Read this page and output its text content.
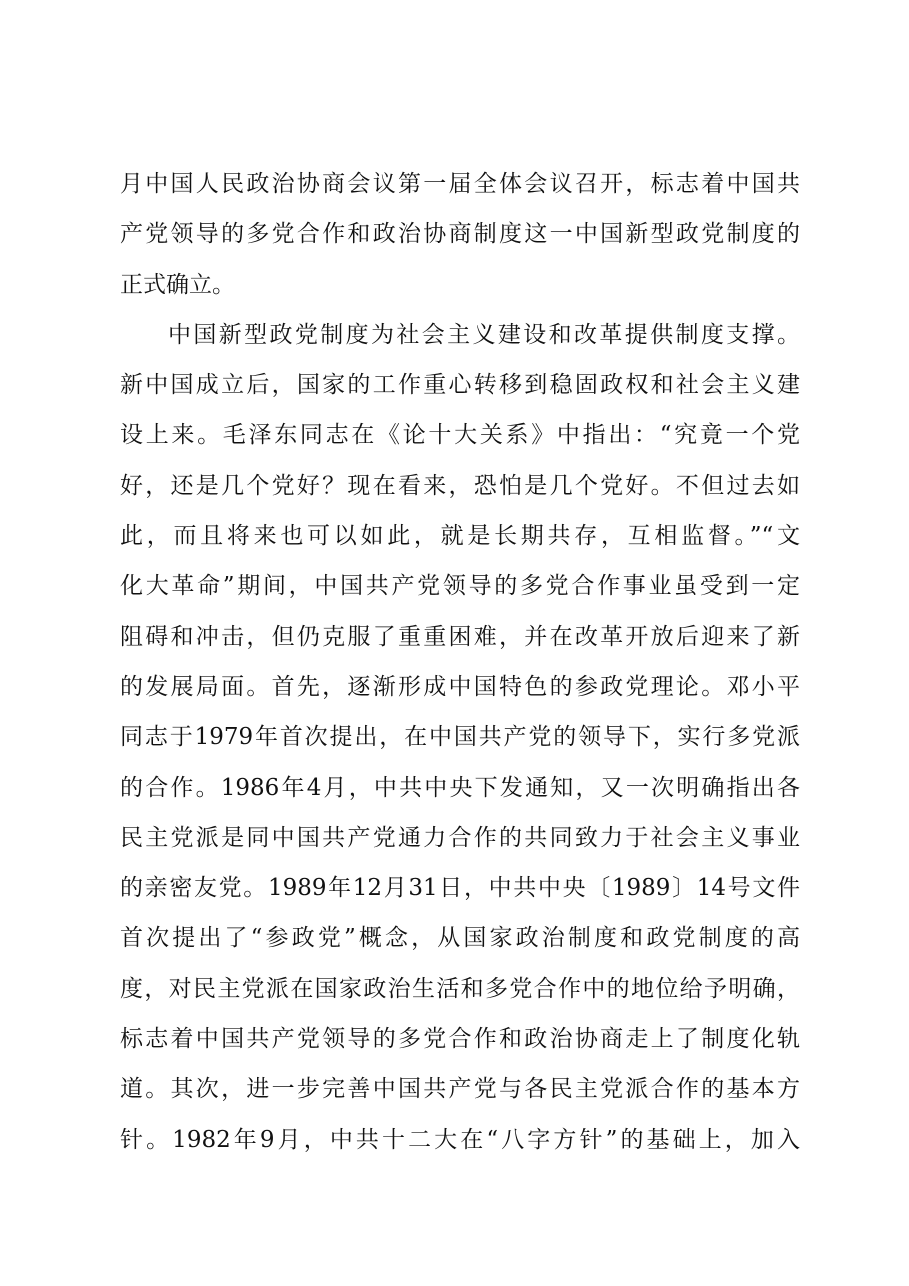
月中国人民政治协商会议第一届全体会议召开，标志着中国共
产党领导的多党合作和政治协商制度这一中国新型政党制度的
正式确立。
中国新型政党制度为社会主义建设和改革提供制度支撑。
新中国成立后，国家的工作重心转移到稳固政权和社会主义建
设上来。毛泽东同志在《论十大关系》中指出：“究竟一个党
好，还是几个党好？现在看来，恐怕是几个党好。不但过去如
此，而且将来也可以如此，就是长期共存，互相监督。”“文
化大革命”期间，中国共产党领导的多党合作事业虽受到一定
阻碍和冲击，但仍克服了重重困难，并在改革开放后迎来了新
的发展局面。首先，逐渐形成中国特色的参政党理论。邓小平
同志于1979年首次提出，在中国共产党的领导下，实行多党派
的合作。1986年4月，中共中央下发通知，又一次明确指出各
民主党派是同中国共产党通力合作的共同致力于社会主义事业
的亲密友党。1989年12月31日，中共中央〔1989〕14号文件
首次提出了“参政党”概念，从国家政治制度和政党制度的高
度，对民主党派在国家政治生活和多党合作中的地位给予明确，
标志着中国共产党领导的多党合作和政治协商走上了制度化轨
道。其次，进一步完善中国共产党与各民主党派合作的基本方
针。1982年9月，中共十二大在“八字方针”的基础上，加入
